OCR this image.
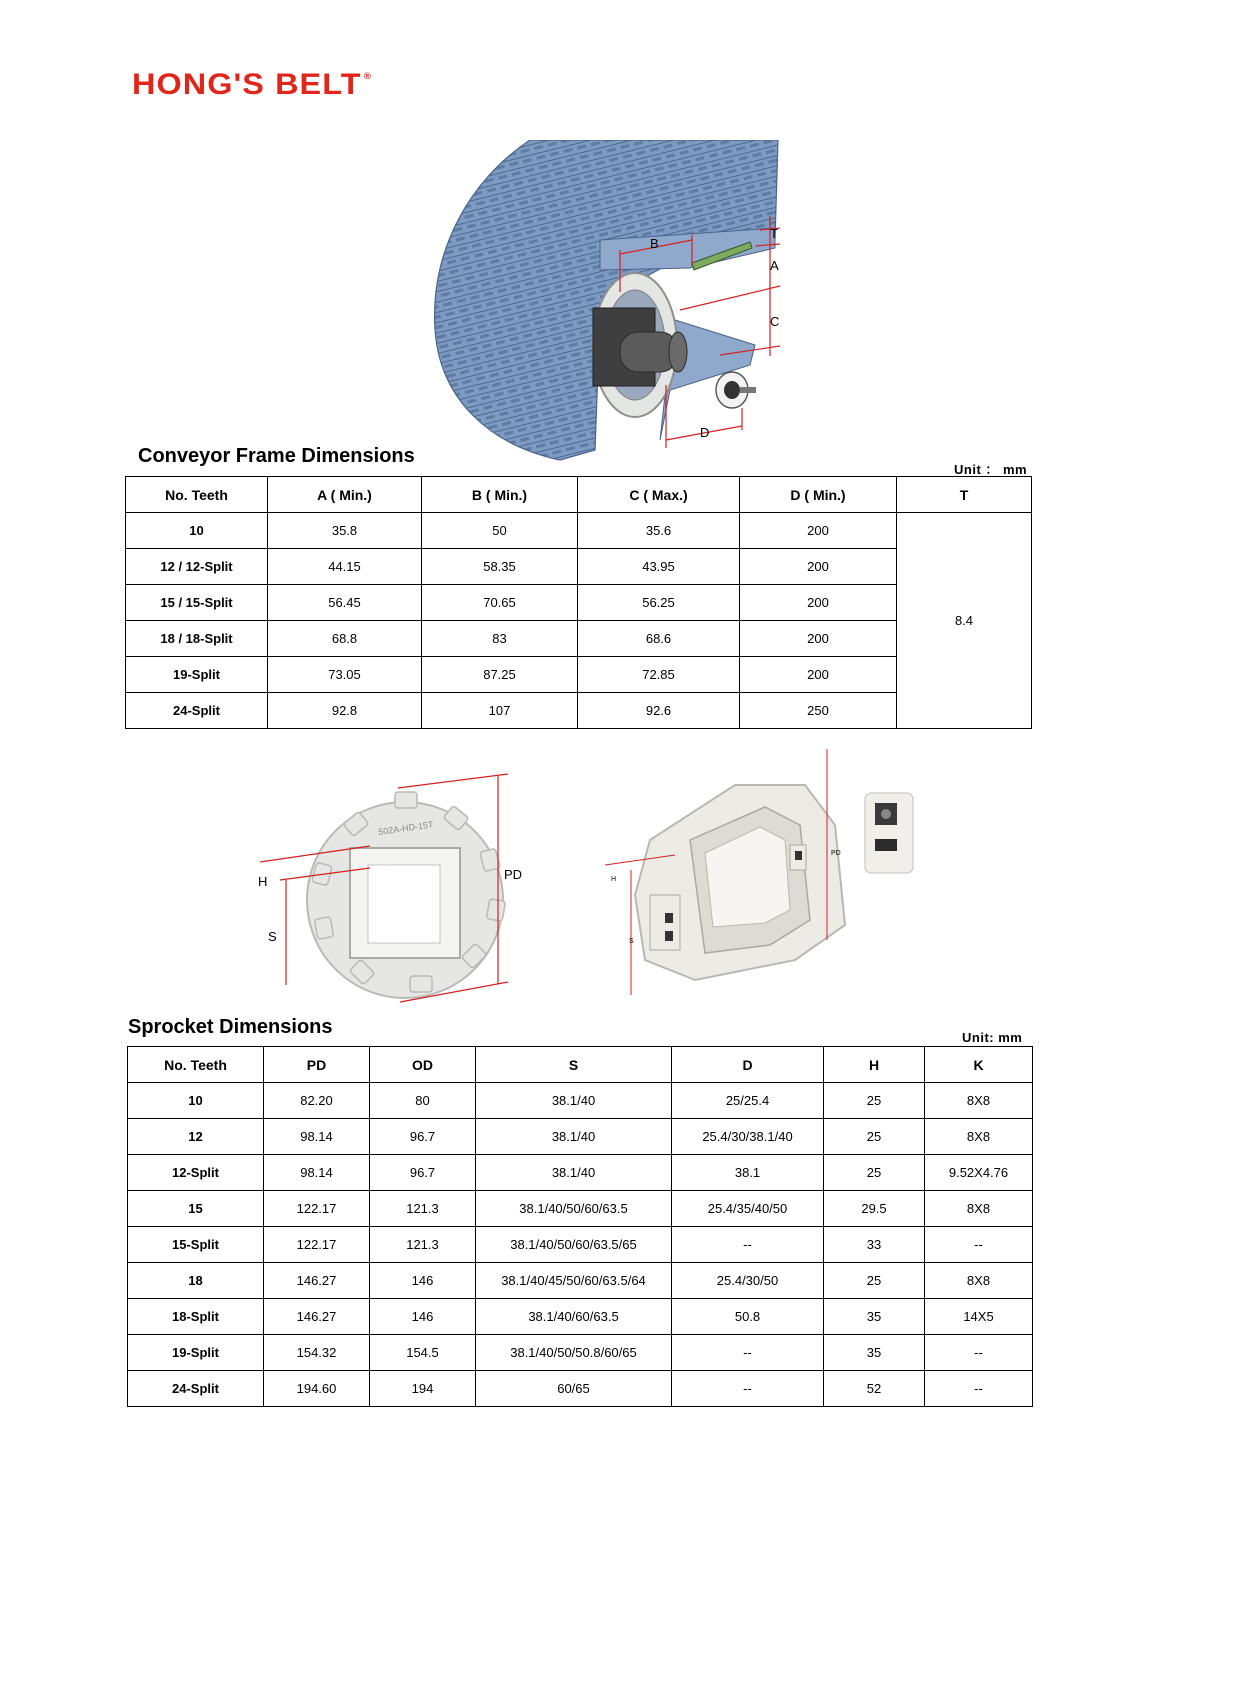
HONG'S BELT ®
B
T
A
C
D
Conveyor Frame Dimensions
Unit ： mm
No. Teeth	A ( Min.)	B ( Min.)	C ( Max.)	D ( Min.)	T
10	35.8	50	35.6	200	8.4
12 / 12-Split	44.15	58.35	43.95	200	
15 / 15-Split	56.45	70.65	56.25	200	
18 / 18-Split	68.8	83	68.6	200	
19-Split	73.05	87.25	72.85	200	
24-Split	92.8	107	92.6	250	
502A-HD-15T
H
S
PD	H
S
PD
Sprocket Dimensions	Unit: mm
No. Teeth	PD	OD	S	D	H	K
10	82.20	80	38.1/40	25/25.4	25	8X8
12	98.14	96.7	38.1/40	25.4/30/38.1/40	25	8X8
12-Split	98.14	96.7	38.1/40	38.1	25	9.52X4.76
15	122.17	121.3	38.1/40/50/60/63.5	25.4/35/40/50	29.5	8X8
15-Split	122.17	121.3	38.1/40/50/60/63.5/65	--	33	--
18	146.27	146	38.1/40/45/50/60/63.5/64	25.4/30/50	25	8X8
18-Split	146.27	146	38.1/40/60/63.5	50.8	35	14X5
19-Split	154.32	154.5	38.1/40/50/50.8/60/65	--	35	--
24-Split	194.60	194	60/65	--	52	--
